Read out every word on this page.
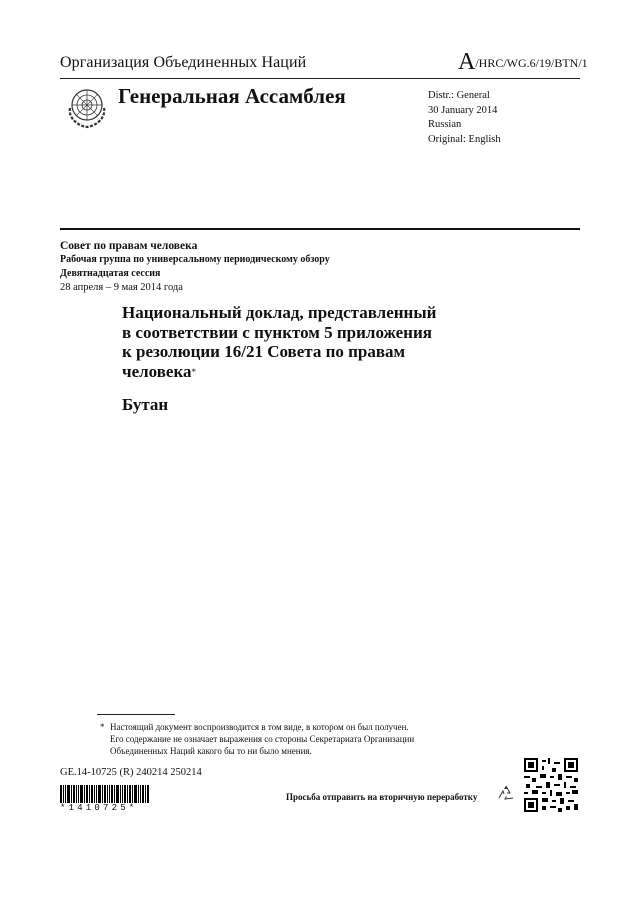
Организация Объединенных Наций	A/HRC/WG.6/19/BTN/1
Генеральная Ассамблея	Distr.: General
30 January 2014
Russian
Original: English
Совет по правам человека
Рабочая группа по универсальному периодическому обзору
Девятнадцатая сессия
28 апреля – 9 мая 2014 года
Национальный доклад, представленный
в соответствии с пунктом 5 приложения
к резолюции 16/21 Совета по правам
человека*
Бутан
* Настоящий документ воспроизводится в том виде, в котором он был получен.
Его содержание не означает выражения со стороны Секретариата Организации
Объединенных Наций какого бы то ни было мнения.
GE.14-10725 (R) 240214 250214
*1410725*
Просьба отправить на вторичную переработку
